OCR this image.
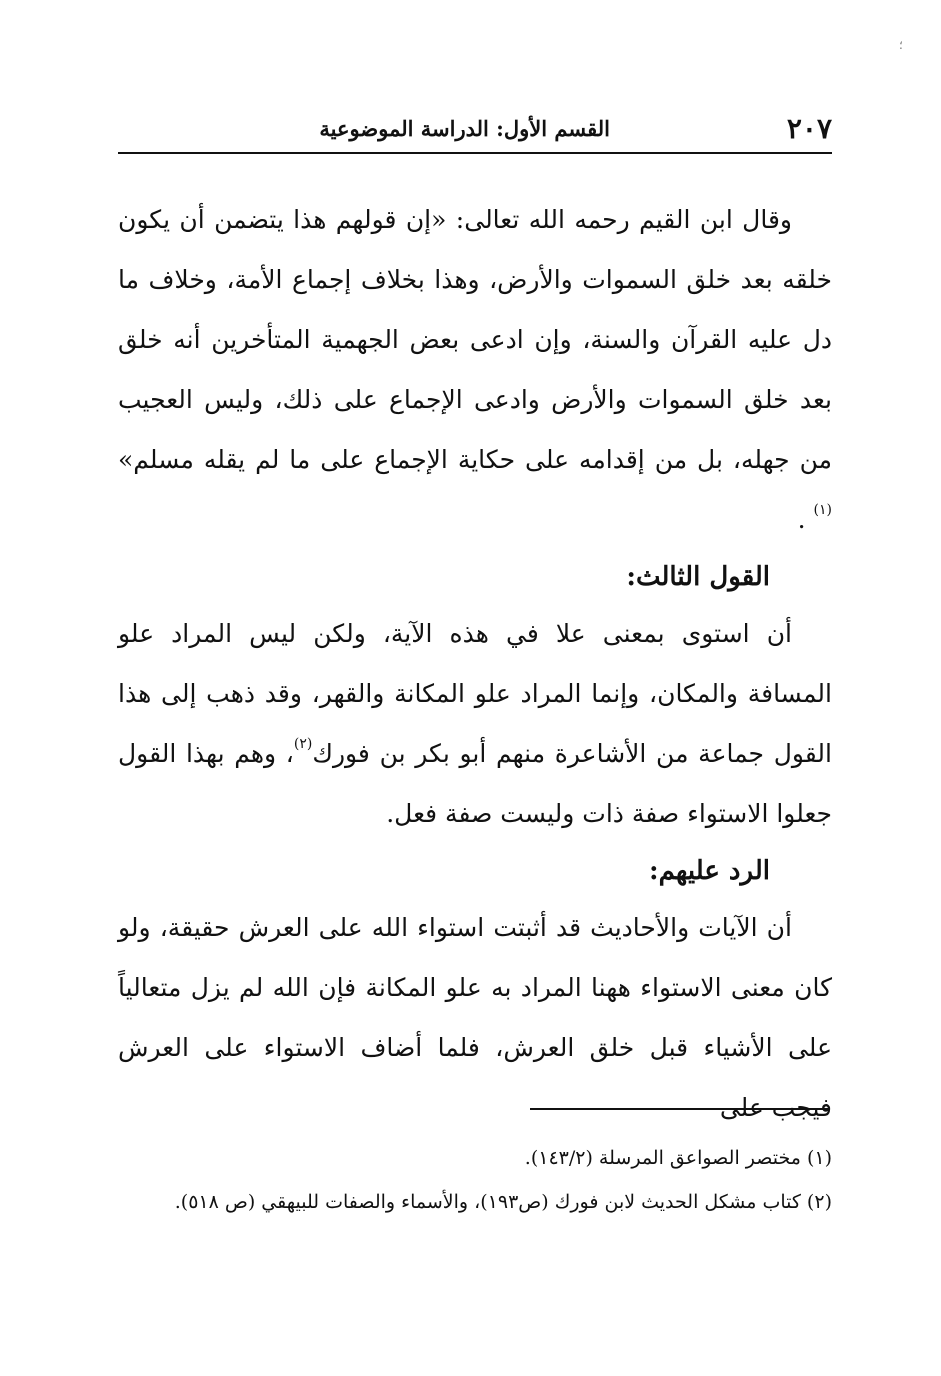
؛
٢٠٧
القسم الأول: الدراسة الموضوعية

وقال ابن القيم رحمه الله تعالى: «إن قولهم هذا يتضمن أن يكون خلقه بعد خلق السموات والأرض، وهذا بخلاف إجماع الأمة، وخلاف ما دل عليه القرآن والسنة، وإن ادعى بعض الجهمية المتأخرين أنه خلق بعد خلق السموات والأرض وادعى الإجماع على ذلك، وليس العجيب من جهله، بل من إقدامه على حكاية الإجماع على ما لم يقله مسلم» $^{(١)}$ .

القول الثالث:

أن استوى بمعنى علا في هذه الآية، ولكن ليس المراد علو المسافة والمكان، وإنما المراد علو المكانة والقهر، وقد ذهب إلى هذا القول جماعة من الأشاعرة منهم أبو بكر بن فورك$^{(٢)}$، وهم بهذا القول جعلوا الاستواء صفة ذات وليست صفة فعل.

الرد عليهم:

أن الآيات والأحاديث قد أثبتت استواء الله على العرش حقيقة، ولو كان معنى الاستواء ههنا المراد به علو المكانة فإن الله لم يزل متعالياً على الأشياء قبل خلق العرش، فلما أضاف الاستواء على العرش فيجب على

(١) مختصر الصواعق المرسلة (١٤٣/٢).

(٢) كتاب مشكل الحديث لابن فورك (ص١٩٣)، والأسماء والصفات للبيهقي (ص ٥١٨).
